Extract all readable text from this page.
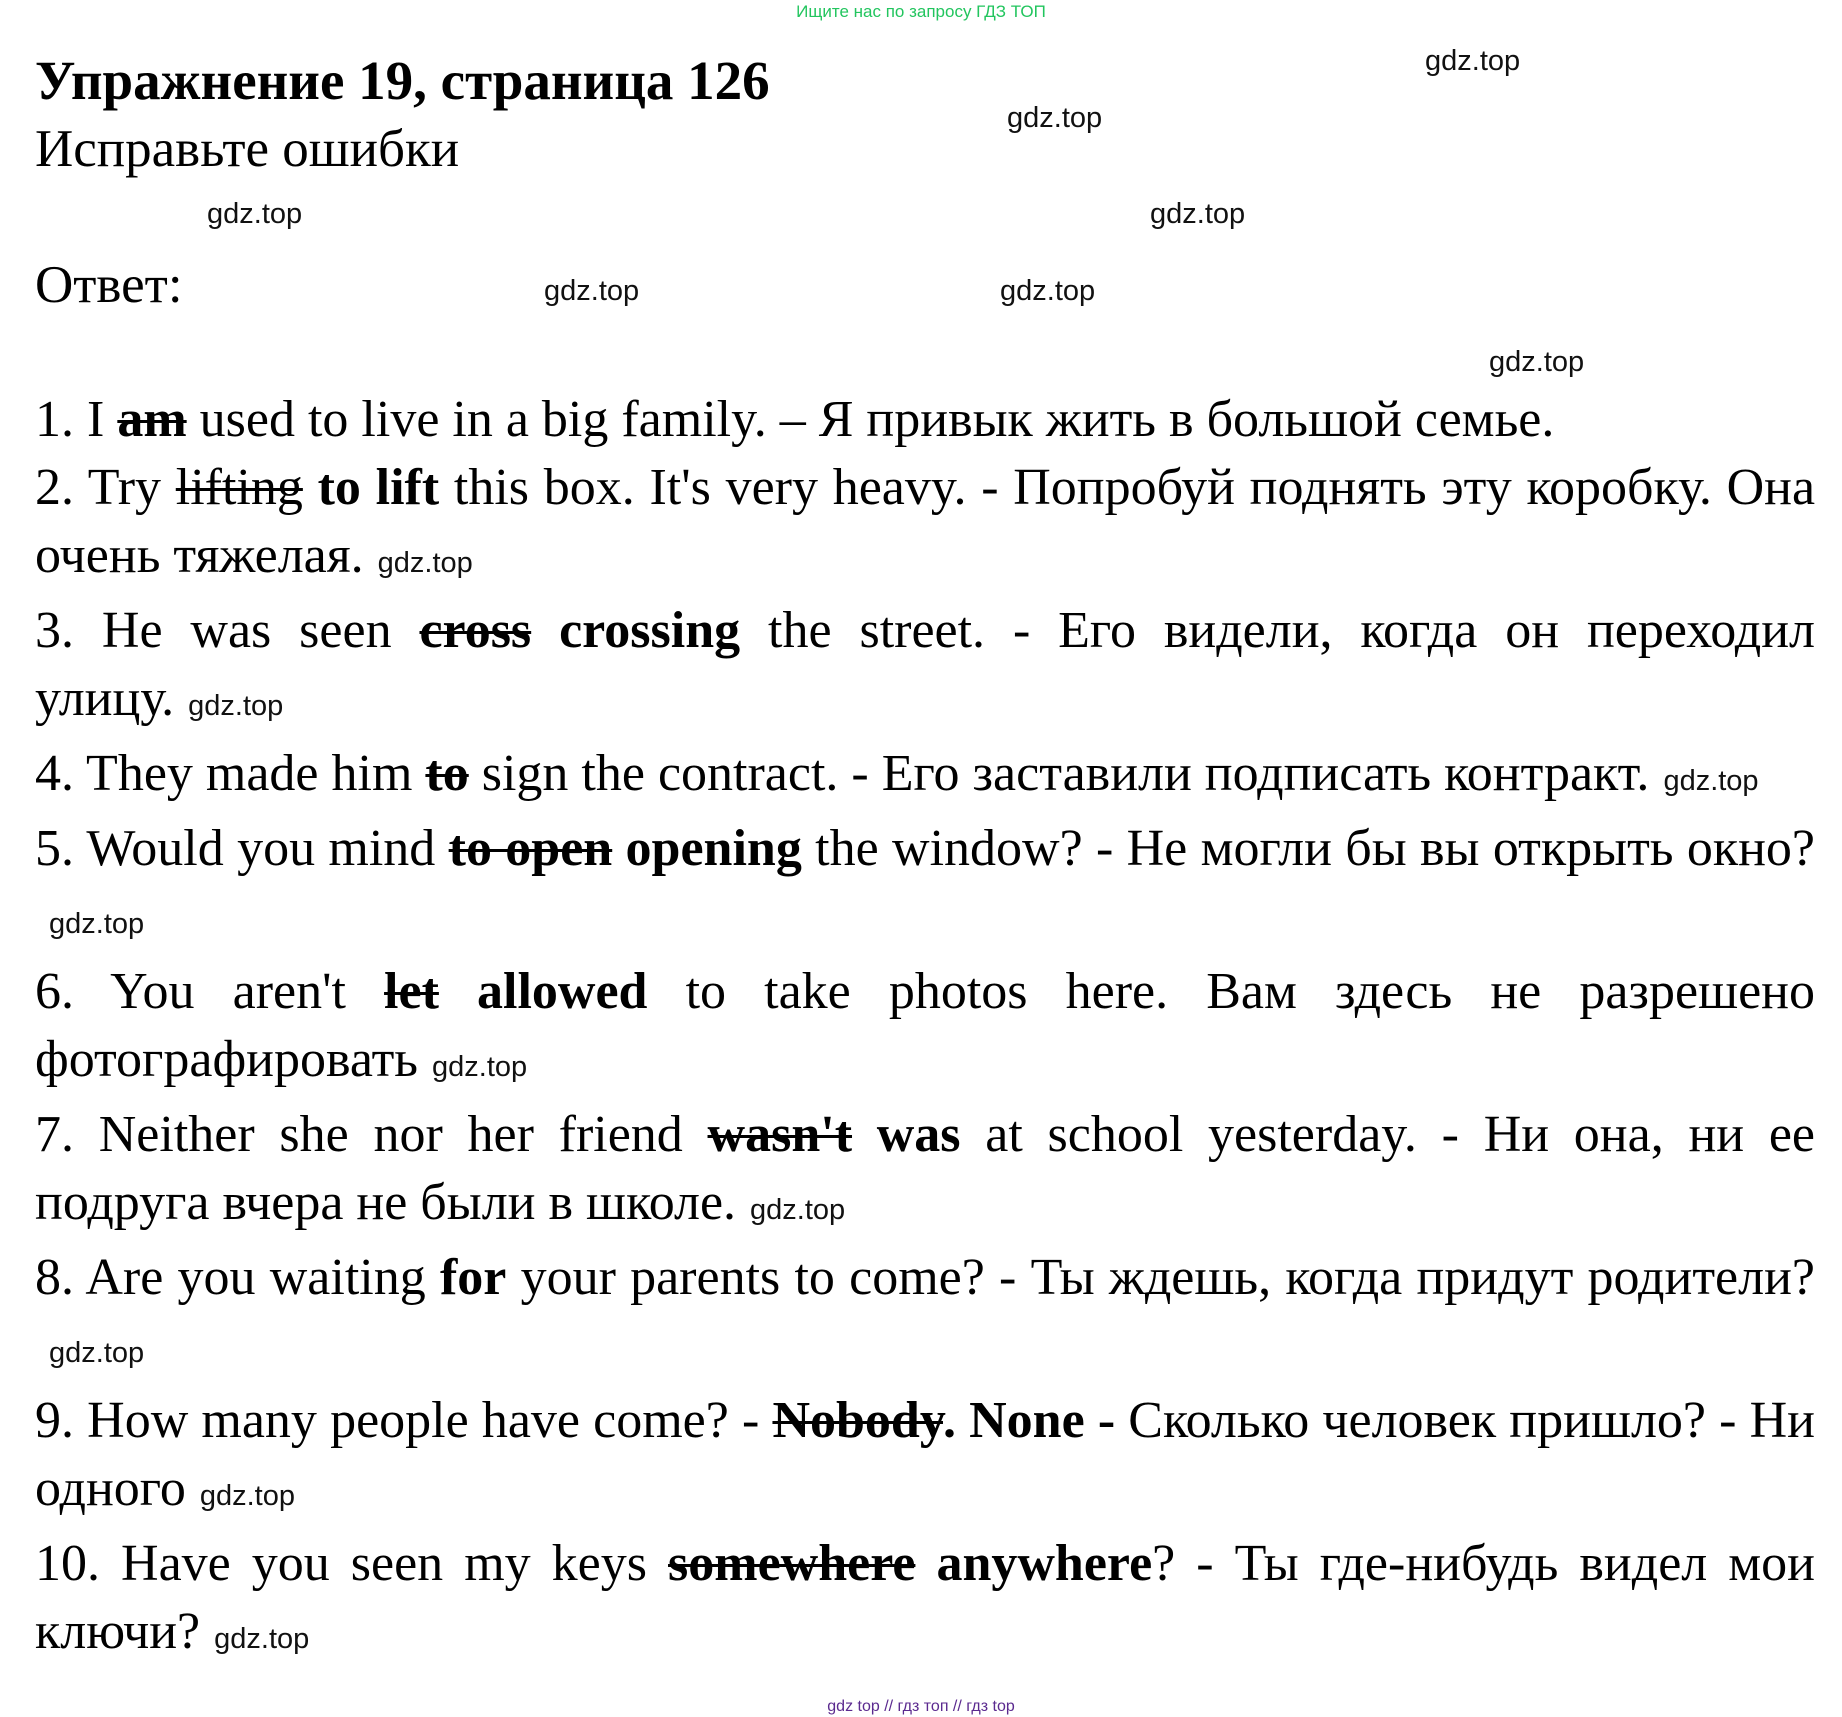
Ищите нас по запросу ГДЗ ТОП
Упражнение 19, страница 126
Исправьте ошибки
Ответ:

1. I am used to live in a big family. – Я привык жить в большой семье.

2. Try lifting to lift this box. It's very heavy. - Попробуй поднять эту коробку. Она очень тяжелая. gdz.top

3. He was seen cross crossing the street. - Его видели, когда он переходил улицу. gdz.top

4. They made him to sign the contract. - Его заставили подписать контракт. gdz.top

5. Would you mind to open opening the window? - Не могли бы вы открыть окно?gdz.top

6. You aren't let allowed to take photos here. Вам здесь не разрешено фотографировать gdz.top

7. Neither she nor her friend wasn't was at school yesterday. - Ни она, ни ее подруга вчера не были в школе. gdz.top

8. Are you waiting for your parents to come? - Ты ждешь, когда придут родители?gdz.top

9. How many people have come? - Nobody. None - Сколько человек пришло? - Ни одного gdz.top

10. Have you seen my keys somewhere anywhere? - Ты где-нибудь видел мои ключи? gdz.top

gdz.top
gdz.top
gdz.top	gdz.top
gdz.top	gdz.top
gdz.top
gdz top // гдз топ // гдз top
